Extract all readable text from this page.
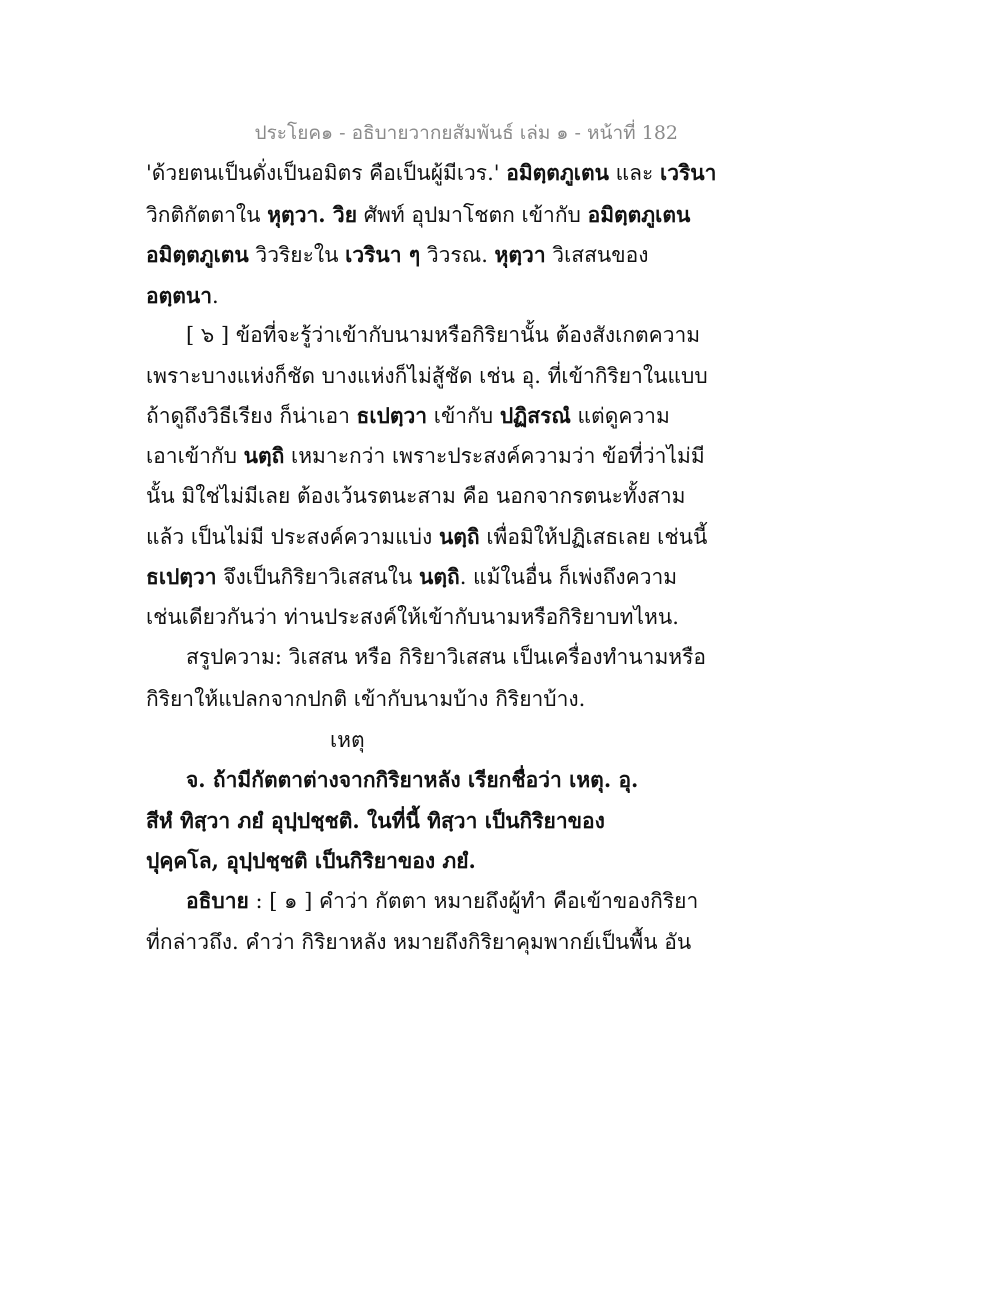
ประโยค๑ - อธิบายวากยสัมพันธ์ เล่ม ๑ - หน้าที่ 182
'ด้วยตนเป็นดั่งเป็นอมิตร คือเป็นผู้มีเวร.' อมิตฺตภูเตน และ เวรินา
วิกติกัตตาใน หุตฺวา. วิย ศัพท์ อุปมาโชตก เข้ากับ อมิตฺตภูเตน
อมิตฺตภูเตน วิวริยะใน เวรินา ๆ วิวรณ. หุตฺวา วิเสสนของ
อตฺตนา.
[ ๖ ] ข้อที่จะรู้ว่าเข้ากับนามหรือกิริยานั้น ต้องสังเกตความ
เพราะบางแห่งก็ชัด บางแห่งก็ไม่สู้ชัด เช่น อุ. ที่เข้ากิริยาในแบบ
ถ้าดูถึงวิธีเรียง ก็น่าเอา ธเปตฺวา เข้ากับ ปฏิสรณํ แต่ดูความ
เอาเข้ากับ นตฺถิ เหมาะกว่า เพราะประสงค์ความว่า ข้อที่ว่าไม่มี
นั้น มิใช่ไม่มีเลย ต้องเว้นรตนะสาม คือ นอกจากรตนะทั้งสาม
แล้ว เป็นไม่มี ประสงค์ความแบ่ง นตฺถิ เพื่อมิให้ปฏิเสธเลย เช่นนี้
ธเปตฺวา จึงเป็นกิริยาวิเสสนใน นตฺถิ. แม้ในอื่น ก็เพ่งถึงความ
เช่นเดียวกันว่า ท่านประสงค์ให้เข้ากับนามหรือกิริยาบทไหน.
สรูปความ: วิเสสน หรือ กิริยาวิเสสน เป็นเครื่องทำนามหรือ
กิริยาให้แปลกจากปกติ เข้ากับนามบ้าง กิริยาบ้าง.
เหตุ
จ. ถ้ามีกัตตาต่างจากกิริยาหลัง เรียกชื่อว่า เหตุ. อุ.
สีหํ ทิสฺวา ภยํ อุปฺปชฺชติ. ในที่นี้ ทิสฺวา เป็นกิริยาของ
ปุคฺคโล, อุปฺปชฺชติ เป็นกิริยาของ ภยํ.
อธิบาย : [ ๑ ] คำว่า กัตตา หมายถึงผู้ทำ คือเข้าของกิริยา
ที่กล่าวถึง. คำว่า กิริยาหลัง หมายถึงกิริยาคุมพากย์เป็นพื้น อัน
